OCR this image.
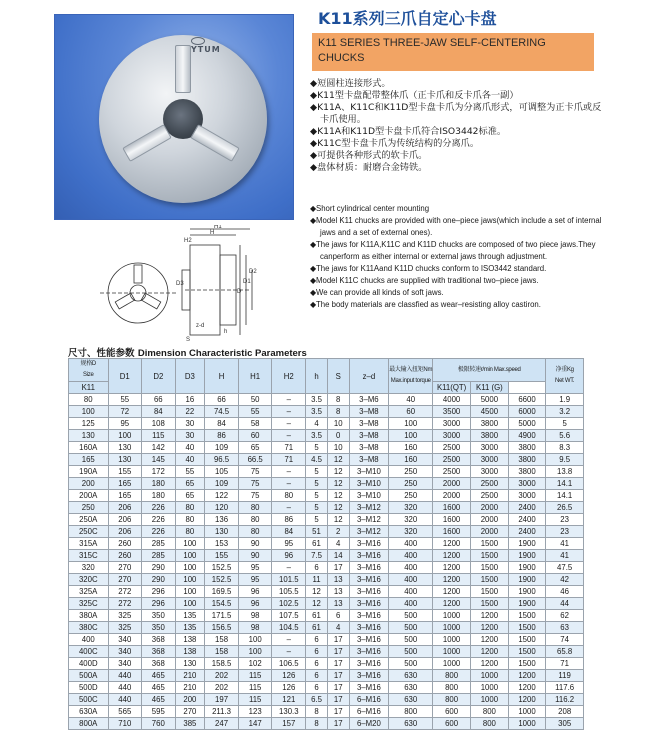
YTUM
K11系列三爪自定心卡盘
K11 SERIES THREE-JAW SELF-CENTERING CHUCKS
◆短圆柱连接形式。
◆K11型卡盘配带整体爪（正卡爪和反卡爪各一副）
◆K11A、K11C和K11D型卡盘卡爪为分离爪形式，可调整为正卡爪或反卡爪使用。
◆K11A和K11D型卡盘卡爪符合ISO3442标准。
◆K11C型卡盘卡爪为传统结构的分离爪。
◆可提供各种形式的软卡爪。
◆盘体材质：耐磨合金铸铁。
◆Short cylindrical center mounting
◆Model K11 chucks are provided with one–piece jaws(which include a set of internal jaws and a set of external ones).
◆The jaws for K11A,K11C and K11D chucks are composed of two piece jaws.They canperform as either internal or external jaws through adjustment.
◆The jaws for K11Aand K11D chucks conform to ISO3442 standard.
◆Model K11C chucks are supplied with traditional two–piece jaws.
◆We can provide all kinds of soft jaws.
◆The body materials are classfied as wear–resisting alloy castiron.
H
H1
H2
S
z-d
D
D1
D2
D3
h
尺寸、性能参数 Dimension Characteristic Parameters
规格D
Size	D1	D2	D3	H	H1	H2	h	S	z–d	最大输入扭矩Nm
Max.input torque	极限转速r/min Max.speed			净重Kg
Net WT.
K11											K11(QT)	K11 (G)		
80	55	66	16	66	50	–	3.5	8	3–M6	40	4000	5000	6600	1.9
100	72	84	22	74.5	55	–	3.5	8	3–M8	60	3500	4500	6000	3.2
125	95	108	30	84	58	–	4	10	3–M8	100	3000	3800	5000	5
130	100	115	30	86	60	–	3.5	0	3–M8	100	3000	3800	4900	5.6
160A	130	142	40	109	65	71	5	10	3–M8	160	2500	3000	3800	8.3
165	130	145	40	96.5	66.5	71	4.5	12	3–M8	160	2500	3000	3800	9.5
190A	155	172	55	105	75	–	5	12	3–M10	250	2500	3000	3800	13.8
200	165	180	65	109	75	–	5	12	3–M10	250	2000	2500	3000	14.1
200A	165	180	65	122	75	80	5	12	3–M10	250	2000	2500	3000	14.1
250	206	226	80	120	80	–	5	12	3–M12	320	1600	2000	2400	26.5
250A	206	226	80	136	80	86	5	12	3–M12	320	1600	2000	2400	23
250C	206	226	80	130	80	84	51	2	3–M12	320	1600	2000	2400	23
315A	260	285	100	153	90	95	61	4	3–M16	400	1200	1500	1900	41
315C	260	285	100	155	90	96	7.5	14	3–M16	400	1200	1500	1900	41
320	270	290	100	152.5	95	–	6	17	3–M16	400	1200	1500	1900	47.5
320C	270	290	100	152.5	95	101.5	11	13	3–M16	400	1200	1500	1900	42
325A	272	296	100	169.5	96	105.5	12	13	3–M16	400	1200	1500	1900	46
325C	272	296	100	154.5	96	102.5	12	13	3–M16	400	1200	1500	1900	44
380A	325	350	135	171.5	98	107.5	61	6	3–M16	500	1000	1200	1500	62
380C	325	350	135	156.5	98	104.5	61	4	3–M16	500	1000	1200	1500	63
400	340	368	138	158	100	–	6	17	3–M16	500	1000	1200	1500	74
400C	340	368	138	158	100	–	6	17	3–M16	500	1000	1200	1500	65.8
400D	340	368	130	158.5	102	106.5	6	17	3–M16	500	1000	1200	1500	71
500A	440	465	210	202	115	126	6	17	3–M16	630	800	1000	1200	119
500D	440	465	210	202	115	126	6	17	3–M16	630	800	1000	1200	117.6
500C	440	465	200	197	115	121	6.5	17	6–M16	630	800	1000	1200	116.2
630A	565	595	270	211.3	123	130.3	8	17	6–M16	800	600	800	1000	208
800A	710	760	385	247	147	157	8	17	6–M20	630	600	800	1000	305
